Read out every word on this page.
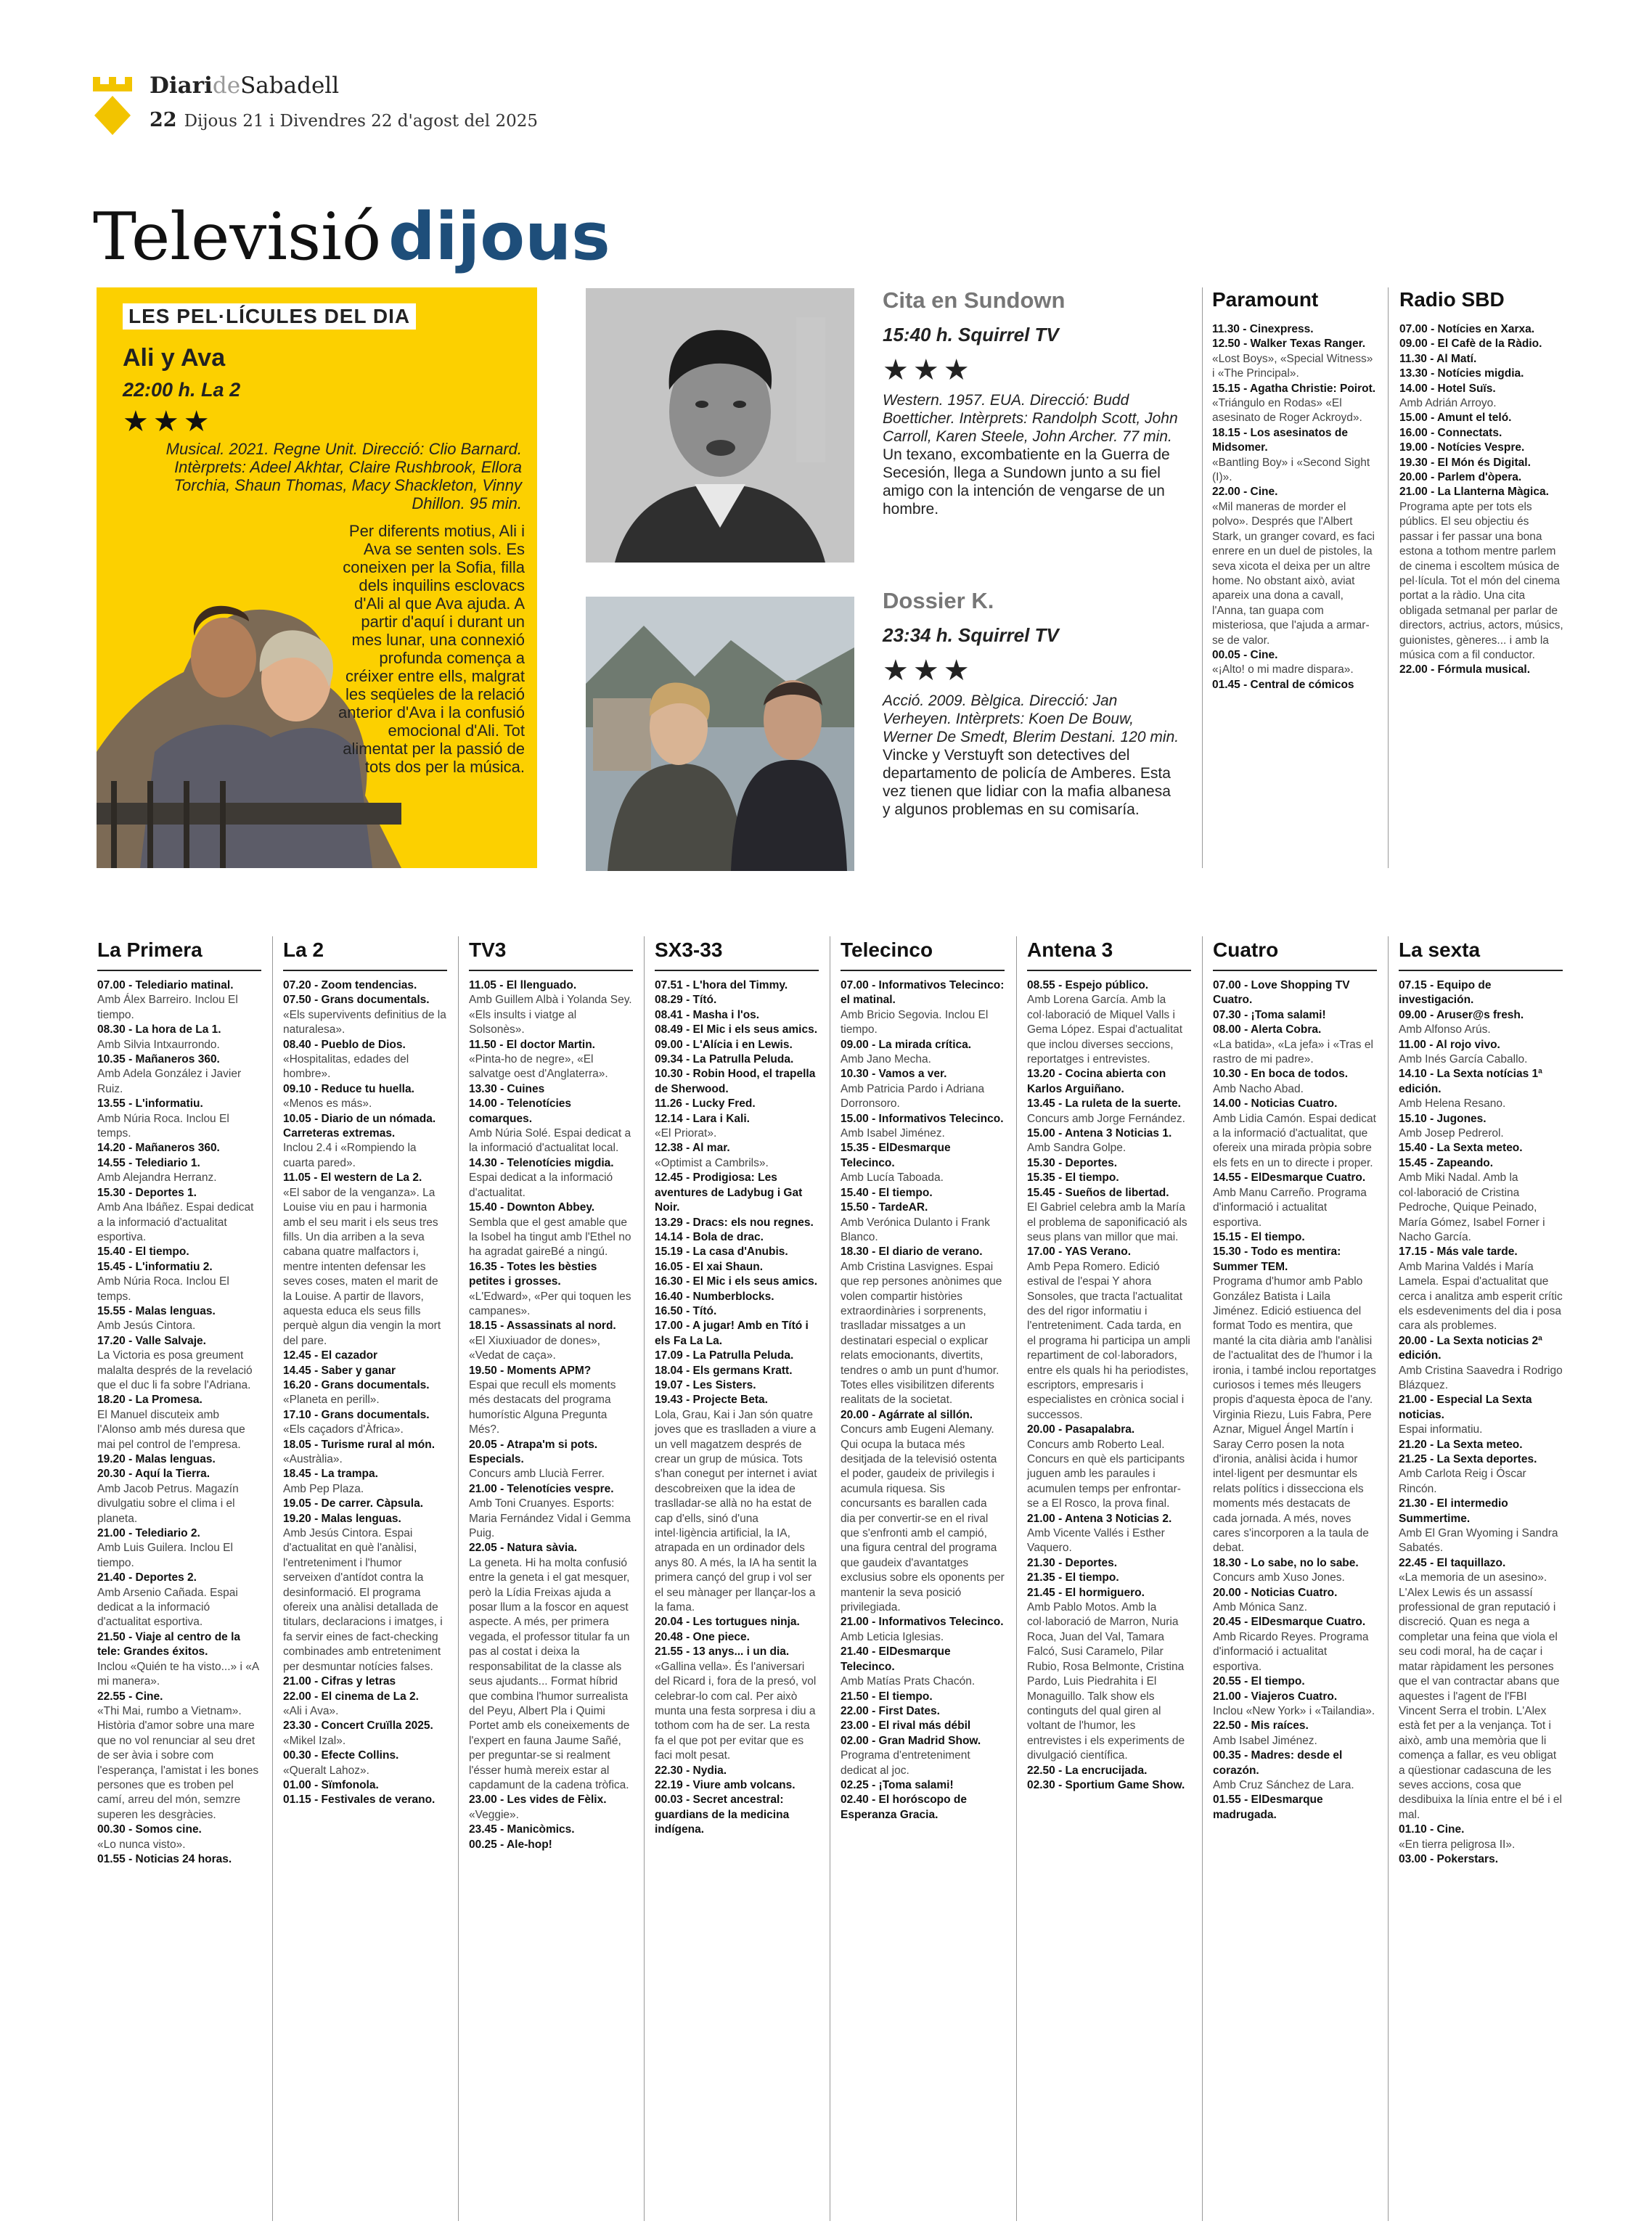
DiarideSabadell
22 Dijous 21 i Divendres 22 d'agost del 2025
Televisió dijous
LES PEL·LÍCULES DEL DIA
Ali y Ava
22:00 h. La 2
★★★
Musical. 2021. Regne Unit. Direcció: Clio Barnard. Intèrprets: Adeel Akhtar, Claire Rushbrook, Ellora Torchia, Shaun Thomas, Macy Shackleton, Vinny Dhillon. 95 min.
Per diferents motius, Ali i Ava se senten sols. Es coneixen per la Sofia, filla dels inquilins esclovacs d'Ali al que Ava ajuda. A partir d'aquí i durant un mes lunar, una connexió profunda comença a créixer entre ells, malgrat les seqüeles de la relació anterior d'Ava i la confusió emocional d'Ali. Tot alimentat per la passió de tots dos per la música.
Cita en Sundown
15:40 h. Squirrel TV
★★★
Western. 1957. EUA. Direcció: Budd Boetticher. Intèrprets: Randolph Scott, John Carroll, Karen Steele, John Archer. 77 min. Un texano, excombatiente en la Guerra de Secesión, llega a Sundown junto a su fiel amigo con la intención de vengarse de un hombre.
Dossier K.
23:34 h. Squirrel TV
★★★
Acció. 2009. Bèlgica. Direcció: Jan Verheyen. Intèrprets: Koen De Bouw, Werner De Smedt, Blerim Destani. 120 min. Vincke y Verstuyft son detectives del departamento de policía de Amberes. Esta vez tienen que lidiar con la mafia albanesa y algunos problemas en su comisaría.
Paramount

11.30 - Cinexpress.

12.50 - Walker Texas Ranger.
«Lost Boys», «Special Witness» i «The Principal».

15.15 - Agatha Christie: Poirot.
«Triángulo en Rodas» «El asesinato de Roger Ackroyd».

18.15 - Los asesinatos de Midsomer.
«Bantling Boy» i «Second Sight (I)».

22.00 - Cine.
«Mil maneras de morder el polvo». Després que l'Albert Stark, un granger covard, es faci enrere en un duel de pistoles, la seva xicota el deixa per un altre home. No obstant això, aviat apareix una dona a cavall, l'Anna, tan guapa com misteriosa, que l'ajuda a armar-se de valor.

00.05 - Cine.
«¡Alto! o mi madre dispara».

01.45 - Central de cómicos

Radio SBD

07.00 - Notícies en Xarxa.

09.00 - El Cafè de la Ràdio.

11.30 - Al Matí.

13.30 - Notícies migdia.

14.00 - Hotel Suïs.
Amb Adrián Arroyo.

15.00 - Amunt el teló.

16.00 - Connectats.

19.00 - Notícies Vespre.

19.30 - El Món és Digital.

20.00 - Parlem d'òpera.

21.00 - La Llanterna Màgica.
Programa apte per tots els públics. El seu objectiu és passar i fer passar una bona estona a tothom mentre parlem de cinema i escoltem música de pel·lícula. Tot el món del cinema portat a la ràdio. Una cita obligada setmanal per parlar de directors, actrius, actors, músics, guionistes, gèneres... i amb la música com a fil conductor.

22.00 - Fórmula musical.

La Primera

07.00 - Telediario matinal.
Amb Álex Barreiro. Inclou El tiempo.

08.30 - La hora de La 1.
Amb Silvia Intxaurrondo.

10.35 - Mañaneros 360.
Amb Adela González i Javier Ruiz.

13.55 - L'informatiu.
Amb Núria Roca. Inclou El temps.

14.20 - Mañaneros 360.

14.55 - Telediario 1.
Amb Alejandra Herranz.

15.30 - Deportes 1.
Amb Ana Ibáñez. Espai dedicat a la informació d'actualitat esportiva.

15.40 - El tiempo.

15.45 - L'informatiu 2.
Amb Núria Roca. Inclou El temps.

15.55 - Malas lenguas.
Amb Jesús Cintora.

17.20 - Valle Salvaje.
La Victoria es posa greument malalta després de la revelació que el duc li fa sobre l'Adriana.

18.20 - La Promesa.
El Manuel discuteix amb l'Alonso amb més duresa que mai pel control de l'empresa.

19.20 - Malas lenguas.

20.30 - Aquí la Tierra.
Amb Jacob Petrus. Magazín divulgatiu sobre el clima i el planeta.

21.00 - Telediario 2.
Amb Luis Guilera. Inclou El tiempo.

21.40 - Deportes 2.
Amb Arsenio Cañada. Espai dedicat a la informació d'actualitat esportiva.

21.50 - Viaje al centro de la tele: Grandes éxitos.
Inclou «Quién te ha visto...» i «A mi manera».

22.55 - Cine.
«Thi Mai, rumbo a Vietnam». Història d'amor sobre una mare que no vol renunciar al seu dret de ser àvia i sobre com l'esperança, l'amistat i les bones persones que es troben pel camí, arreu del món, semzre superen les desgràcies.

00.30 - Somos cine.
«Lo nunca visto».

01.55 - Noticias 24 horas.

La 2

07.20 - Zoom tendencias.

07.50 - Grans documentals.
«Els supervivents definitius de la naturalesa».

08.40 - Pueblo de Dios.
«Hospitalitas, edades del hombre».

09.10 - Reduce tu huella.
«Menos es más».

10.05 - Diario de un nómada. Carreteras extremas.
Inclou 2.4 i «Rompiendo la cuarta pared».

11.05 - El western de La 2.
«El sabor de la venganza». La Louise viu en pau i harmonia amb el seu marit i els seus tres fills. Un dia arriben a la seva cabana quatre malfactors i, mentre intenten defensar les seves coses, maten el marit de la Louise. A partir de llavors, aquesta educa els seus fills perquè algun dia vengin la mort del pare.

12.45 - El cazador

14.45 - Saber y ganar

16.20 - Grans documentals.
«Planeta en perill».

17.10 - Grans documentals.
«Els caçadors d'Àfrica».

18.05 - Turisme rural al món.
«Austràlia».

18.45 - La trampa.
Amb Pep Plaza.

19.05 - De carrer. Càpsula.

19.20 - Malas lenguas.
Amb Jesús Cintora. Espai d'actualitat en què l'anàlisi, l'entreteniment i l'humor serveixen d'antídot contra la desinformació. El programa ofereix una anàlisi detallada de titulars, declaracions i imatges, i fa servir eines de fact-checking combinades amb entreteniment per desmuntar notícies falses.

21.00 - Cifras y letras

22.00 - El cinema de La 2.
«Ali i Ava».

23.30 - Concert Cruïlla 2025.
«Mikel Izal».

00.30 - Efecte Collins.
«Queralt Lahoz».

01.00 - Sïmfonola.

01.15 - Festivales de verano.

TV3

11.05 - El llenguado.
Amb Guillem Albà i Yolanda Sey. «Els insults i viatge al Solsonès».

11.50 - El doctor Martin.
«Pinta-ho de negre», «El salvatge oest d'Anglaterra».

13.30 - Cuines

14.00 - Telenotícies comarques.
Amb Núria Solé. Espai dedicat a la informació d'actualitat local.

14.30 - Telenotícies migdia.
Espai dedicat a la informació d'actualitat.

15.40 - Downton Abbey.
Sembla que el gest amable que la Isobel ha tingut amb l'Ethel no ha agradat gaireBé a ningú.

16.35 - Totes les bèsties petites i grosses.
«L'Edward», «Per qui toquen les campanes».

18.15 - Assassinats al nord.
«El Xiuxiuador de dones», «Vedat de caça».

19.50 - Moments APM?
Espai que recull els moments més destacats del programa humorístic Alguna Pregunta Més?.

20.05 - Atrapa'm si pots. Especials.
Concurs amb Llucià Ferrer.

21.00 - Telenotícies vespre.
Amb Toni Cruanyes. Esports: Maria Fernández Vidal i Gemma Puig.

22.05 - Natura sàvia.
La geneta. Hi ha molta confusió entre la geneta i el gat mesquer, però la Lídia Freixas ajuda a posar llum a la foscor en aquest aspecte. A més, per primera vegada, el professor titular fa un pas al costat i deixa la responsabilitat de la classe als seus ajudants... Format híbrid que combina l'humor surrealista del Peyu, Albert Pla i Quimi Portet amb els coneixements de l'expert en fauna Jaume Sañé, per preguntar-se si realment l'ésser humà mereix estar al capdamunt de la cadena tròfica.

23.00 - Les vides de Fèlix.
«Veggie».

23.45 - Manicòmics.

00.25 - Ale-hop!

SX3-33

07.51 - L'hora del Timmy.

08.29 - Tító.

08.41 - Masha i l'os.

08.49 - El Mic i els seus amics.

09.00 - L'Alícia i en Lewis.

09.34 - La Patrulla Peluda.

10.30 - Robin Hood, el trapella de Sherwood.

11.26 - Lucky Fred.

12.14 - Lara i Kali.
«El Priorat».

12.38 - Al mar.
«Optimist a Cambrils».

12.45 - Prodigiosa: Les aventures de Ladybug i Gat Noir.

13.29 - Dracs: els nou regnes.

14.14 - Bola de drac.

15.19 - La casa d'Anubis.

16.05 - El xai Shaun.

16.30 - El Mic i els seus amics.

16.40 - Numberblocks.

16.50 - Tító.

17.00 - A jugar! Amb en Tító i els Fa La La.

17.09 - La Patrulla Peluda.

18.04 - Els germans Kratt.

19.07 - Les Sisters.

19.43 - Projecte Beta.
Lola, Grau, Kai i Jan són quatre joves que es traslladen a viure a un vell magatzem després de crear un grup de música. Tots s'han conegut per internet i aviat descobreixen que la idea de traslladar-se allà no ha estat de cap d'ells, sinó d'una intel·ligència artificial, la IA, atrapada en un ordinador dels anys 80. A més, la IA ha sentit la primera cançó del grup i vol ser el seu mànager per llançar-los a la fama.

20.04 - Les tortugues ninja.

20.48 - One piece.

21.55 - 13 anys... i un dia.
«Gallina vella». És l'aniversari del Ricard i, fora de la presó, vol celebrar-lo com cal. Per això munta una festa sorpresa i diu a tothom com ha de ser. La resta fa el que pot per evitar que es faci molt pesat.

22.30 - Nydia.

22.19 - Viure amb volcans.

00.03 - Secret ancestral: guardians de la medicina indígena.

Telecinco

07.00 - Informativos Telecinco: el matinal.
Amb Bricio Segovia. Inclou El tiempo.

09.00 - La mirada crítica.
Amb Jano Mecha.

10.30 - Vamos a ver.
Amb Patricia Pardo i Adriana Dorronsoro.

15.00 - Informativos Telecinco.
Amb Isabel Jiménez.

15.35 - ElDesmarque Telecinco.
Amb Lucía Taboada.

15.40 - El tiempo.

15.50 - TardeAR.
Amb Verónica Dulanto i Frank Blanco.

18.30 - El diario de verano.
Amb Cristina Lasvignes. Espai que rep persones anònimes que volen compartir històries extraordinàries i sorprenents, traslladar missatges a un destinatari especial o explicar relats emocionants, divertits, tendres o amb un punt d'humor. Totes elles visibilitzen diferents realitats de la societat.

20.00 - Agárrate al sillón.
Concurs amb Eugeni Alemany. Qui ocupa la butaca més desitjada de la televisió ostenta el poder, gaudeix de privilegis i acumula riquesa. Sis concursants es barallen cada dia per convertir-se en el rival que s'enfronti amb el campió, una figura central del programa que gaudeix d'avantatges exclusius sobre els oponents per mantenir la seva posició privilegiada.

21.00 - Informativos Telecinco.
Amb Leticia Iglesias.

21.40 - ElDesmarque Telecinco.
Amb Matías Prats Chacón.

21.50 - El tiempo.

22.00 - First Dates.

23.00 - El rival más débil

02.00 - Gran Madrid Show.
Programa d'entreteniment dedicat al joc.

02.25 - ¡Toma salami!

02.40 - El horóscopo de Esperanza Gracia.

Antena 3

08.55 - Espejo público.
Amb Lorena García. Amb la col·laboració de Miquel Valls i Gema López. Espai d'actualitat que inclou diverses seccions, reportatges i entrevistes.

13.20 - Cocina abierta con Karlos Arguiñano.

13.45 - La ruleta de la suerte.
Concurs amb Jorge Fernández.

15.00 - Antena 3 Noticias 1.
Amb Sandra Golpe.

15.30 - Deportes.

15.35 - El tiempo.

15.45 - Sueños de libertad.
El Gabriel celebra amb la María el problema de saponificació als seus plans van millor que mai.

17.00 - YAS Verano.
Amb Pepa Romero. Edició estival de l'espai Y ahora Sonsoles, que tracta l'actualitat des del rigor informatiu i l'entreteniment. Cada tarda, en el programa hi participa un ampli repartiment de col·laboradors, entre els quals hi ha periodistes, escriptors, empresaris i especialistes en crònica social i successos.

20.00 - Pasapalabra.
Concurs amb Roberto Leal. Concurs en què els participants juguen amb les paraules i acumulen temps per enfrontar-se a El Rosco, la prova final.

21.00 - Antena 3 Noticias 2.
Amb Vicente Vallés i Esther Vaquero.

21.30 - Deportes.

21.35 - El tiempo.

21.45 - El hormiguero.
Amb Pablo Motos. Amb la col·laboració de Marron, Nuria Roca, Juan del Val, Tamara Falcó, Susi Caramelo, Pilar Rubio, Rosa Belmonte, Cristina Pardo, Luis Piedrahita i El Monaguillo. Talk show els continguts del qual giren al voltant de l'humor, les entrevistes i els experiments de divulgació científica.

22.50 - La encrucijada.

02.30 - Sportium Game Show.

Cuatro

07.00 - Love Shopping TV Cuatro.

07.30 - ¡Toma salami!

08.00 - Alerta Cobra.
«La batida», «La jefa» i «Tras el rastro de mi padre».

10.30 - En boca de todos.
Amb Nacho Abad.

14.00 - Noticias Cuatro.
Amb Lidia Camón. Espai dedicat a la informació d'actualitat, que ofereix una mirada pròpia sobre els fets en un to directe i proper.

14.55 - ElDesmarque Cuatro.
Amb Manu Carreño. Programa d'informació i actualitat esportiva.

15.15 - El tiempo.

15.30 - Todo es mentira: Summer TEM.
Programa d'humor amb Pablo González Batista i Laila Jiménez. Edició estiuenca del format Todo es mentira, que manté la cita diària amb l'anàlisi de l'actualitat des de l'humor i la ironia, i també inclou reportatges curiosos i temes més lleugers propis d'aquesta època de l'any. Virginia Riezu, Luis Fabra, Pere Aznar, Miguel Ángel Martín i Saray Cerro posen la nota d'ironia, anàlisi àcida i humor intel·ligent per desmuntar els relats polítics i dissecciona els moments més destacats de cada jornada. A més, noves cares s'incorporen a la taula de debat.

18.30 - Lo sabe, no lo sabe.
Concurs amb Xuso Jones.

20.00 - Noticias Cuatro.
Amb Mónica Sanz.

20.45 - ElDesmarque Cuatro.
Amb Ricardo Reyes. Programa d'informació i actualitat esportiva.

20.55 - El tiempo.

21.00 - Viajeros Cuatro.
Inclou «New York» i «Tailandia».

22.50 - Mis raíces.
Amb Isabel Jiménez.

00.35 - Madres: desde el corazón.
Amb Cruz Sánchez de Lara.

01.55 - ElDesmarque madrugada.

La sexta

07.15 - Equipo de investigación.

09.00 - Aruser@s fresh.
Amb Alfonso Arús.

11.00 - Al rojo vivo.
Amb Inés García Caballo.

14.10 - La Sexta notícias 1ª edición.
Amb Helena Resano.

15.10 - Jugones.
Amb Josep Pedrerol.

15.40 - La Sexta meteo.

15.45 - Zapeando.
Amb Miki Nadal. Amb la col·laboració de Cristina Pedroche, Quique Peinado, María Gómez, Isabel Forner i Nacho García.

17.15 - Más vale tarde.
Amb Marina Valdés i María Lamela. Espai d'actualitat que cerca i analitza amb esperit crític els esdeveniments del dia i posa cara als problemes.

20.00 - La Sexta noticias 2ª edición.
Amb Cristina Saavedra i Rodrigo Blázquez.

21.00 - Especial La Sexta noticias.
Espai informatiu.

21.20 - La Sexta meteo.

21.25 - La Sexta deportes.
Amb Carlota Reig i Óscar Rincón.

21.30 - El intermedio Summertime.
Amb El Gran Wyoming i Sandra Sabatés.

22.45 - El taquillazo.
«La memoria de un asesino». L'Alex Lewis és un assassí professional de gran reputació i discreció. Quan es nega a completar una feina que viola el seu codi moral, ha de caçar i matar ràpidament les persones que el van contractar abans que aquestes i l'agent de l'FBI Vincent Serra el trobin. L'Alex està fet per a la venjança. Tot i això, amb una memòria que li comença a fallar, es veu obligat a qüestionar cadascuna de les seves accions, cosa que desdibuixa la línia entre el bé i el mal.

01.10 - Cine.
«En tierra peligrosa II».

03.00 - Pokerstars.
